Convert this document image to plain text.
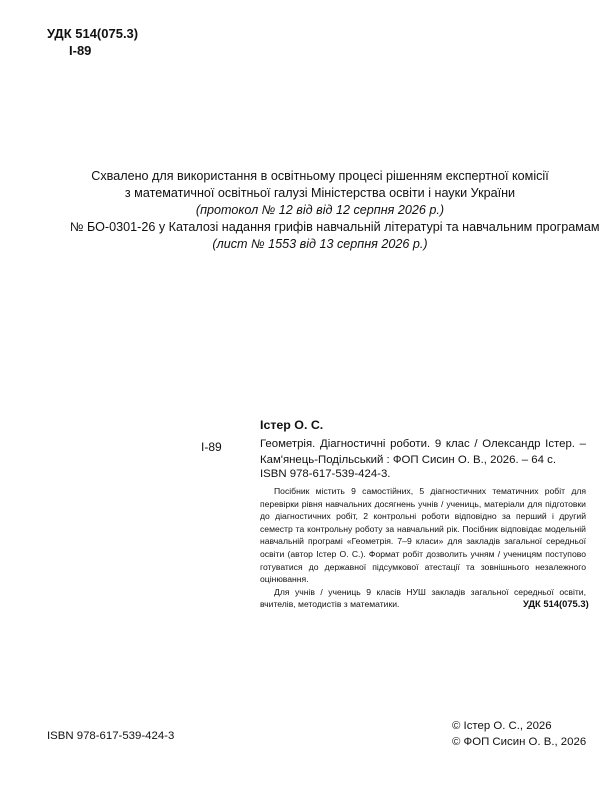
УДК 514(075.3)
І-89
Схвалено для використання в освітньому процесі рішенням експертної комісії
з математичної освітньої галузі Міністерства освіти і науки України
(протокол № 12 від від 12 серпня 2026 р.)
№ БО-0301-26 у Каталозі надання грифів навчальній літературі та навчальним програмам
(лист № 1553 від 13 серпня 2026 р.)
І-89
Істер О. С.
Геометрія. Діагностичні роботи. 9 клас / Олександр Істер. –
Кам'янець-Подільський : ФОП Сисин О. В., 2026. – 64 с.
ISBN 978-617-539-424-3.

Посібник містить 9 самостійних, 5 діагностичних тематичних робіт для перевірки рівня навчальних досягнень учнів / учениць, матеріали для підготовки до діагностичних робіт, 2 контрольні роботи відповідно за перший і другий семестр та контрольну роботу за навчальний рік. Посібник відповідає модельній навчальній програмі «Геометрія. 7–9 класи» для закладів загальної середньої освіти (автор Істер О. С.). Формат робіт дозволить учням / ученицям поступово готуватися до державної підсумкової атестації та зовнішнього незалежного оцінювання.

Для учнів / учениць 9 класів НУШ закладів загальної середньої освіти, вчителів, методистів з математики.	УДК 514(075.3)
ISBN 978-617-539-424-3
© Істер О. С., 2026
© ФОП Сисин О. В., 2026
